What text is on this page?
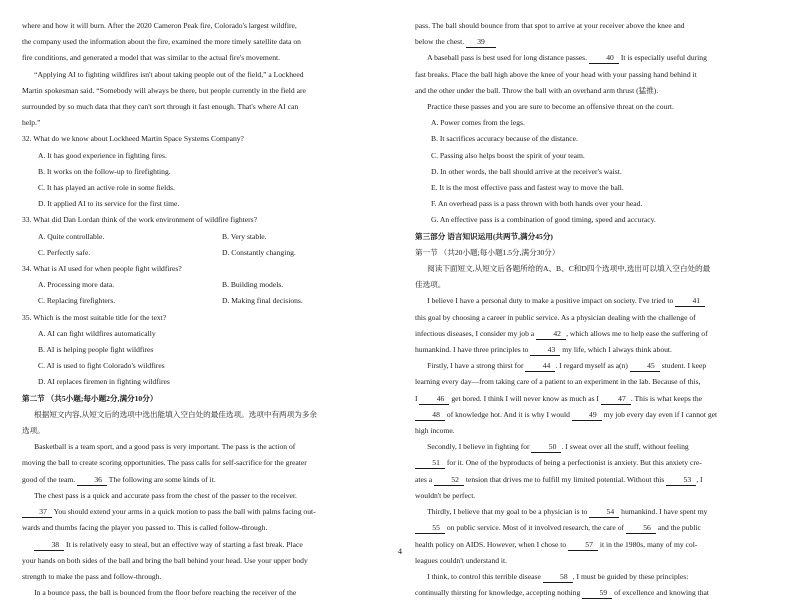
where and how it will burn. After the 2020 Cameron Peak fire, Colorado's largest wildfire,
the company used the information about the fire, examined the more timely satellite data on
fire conditions, and generated a model that was similar to the actual fire's movement.

“Applying AI to fighting wildfires isn't about taking people out of the field,” a Lockheed
Martin spokesman said. “Somebody will always be there, but people currently in the field are
surrounded by so much data that they can't sort through it fast enough. That's where AI can
help.”

32. What do we know about Lockheed Martin Space Systems Company?
A. It has good experience in fighting fires.
B. It works on the follow-up to firefighting.
C. It has played an active role in some fields.
D. It applied AI to its service for the first time.
33. What did Dan Lordan think of the work environment of wildfire fighters?
A. Quite controllable.	B. Very stable.
C. Perfectly safe.	D. Constantly changing.
34. What is AI used for when people fight wildfires?
A. Processing more data.	B. Building models.
C. Replacing firefighters.	D. Making final decisions.
35. Which is the most suitable title for the text?
A. AI can fight wildfires automatically
B. AI is helping people fight wildfires
C. AI is used to fight Colorado's wildfires
D. AI replaces firemen in fighting wildfires
第二节 （共5小题;每小题2分,满分10分）

根据短文内容,从短文后的选项中选出能填入空白处的最佳选项。选项中有两项为多余
选项。

Basketball is a team sport, and a good pass is very important. The pass is the action of
moving the ball to create scoring opportunities. The pass calls for self-sacrifice for the greater
good of the team. 36 The following are some kinds of it.

The chest pass is a quick and accurate pass from the chest of the passer to the receiver.
37 You should extend your arms in a quick motion to pass the ball with palms facing out-
wards and thumbs facing the player you passed to. This is called follow-through.

38 It is relatively easy to steal, but an effective way of starting a fast break. Place
your hands on both sides of the ball and bring the ball behind your head. Use your upper body
strength to make the pass and follow-through.

In a bounce pass, the ball is bounced from the floor before reaching the receiver of the

pass. The ball should bounce from that spot to arrive at your receiver above the knee and
below the chest. 39

A baseball pass is best used for long distance passes. 40 It is especially useful during
fast breaks. Place the ball high above the knee of your head with your passing hand behind it
and the other under the ball. Throw the ball with an overhand arm thrust (猛推).

Practice these passes and you are sure to become an offensive threat on the court.

A. Power comes from the legs.
B. It sacrifices accuracy because of the distance.
C. Passing also helps boost the spirit of your team.
D. In other words, the ball should arrive at the receiver's waist.
E. It is the most effective pass and fastest way to move the ball.
F. An overhead pass is a pass thrown with both hands over your head.
G. An effective pass is a combination of good timing, speed and accuracy.
第三部分 语言知识运用(共两节,满分45分)
第一节 （共20小题;每小题1.5分,满分30分）

阅读下面短文,从短文后各题所给的A、B、C和D四个选项中,选出可以填入空白处的最
佳选项。

I believe I have a personal duty to make a positive impact on society. I've tried to 41
this goal by choosing a career in public service. As a physician dealing with the challenge of
infectious diseases, I consider my job a 42 , which allows me to help ease the suffering of
humankind. I have three principles to 43 my life, which I always think about.

Firstly, I have a strong thirst for 44 . I regard myself as a(n) 45 student. I keep
learning every day—from taking care of a patient to an experiment in the lab. Because of this,
I 46 get bored. I think I will never know as much as I 47 . This is what keeps the
48 of knowledge hot. And it is why I would 49 my job every day even if I cannot get
high income.

Secondly, I believe in fighting for 50 . I sweat over all the stuff, without feeling
51 for it. One of the byproducts of being a perfectionist is anxiety. But this anxiety cre-
ates a 52 tension that drives me to fulfill my limited potential. Without this 53 , I
wouldn't be perfect.

Thirdly, I believe that my goal to be a physician is to 54 humankind. I have spent my
55 on public service. Most of it involved research, the care of 56 and the public
health policy on AIDS. However, when I chose to 57 it in the 1980s, many of my col-
leagues couldn't understand it.

I think, to control this terrible disease 58 , I must be guided by these principles:
continually thirsting for knowledge, accepting nothing 59 of excellence and knowing that

4
